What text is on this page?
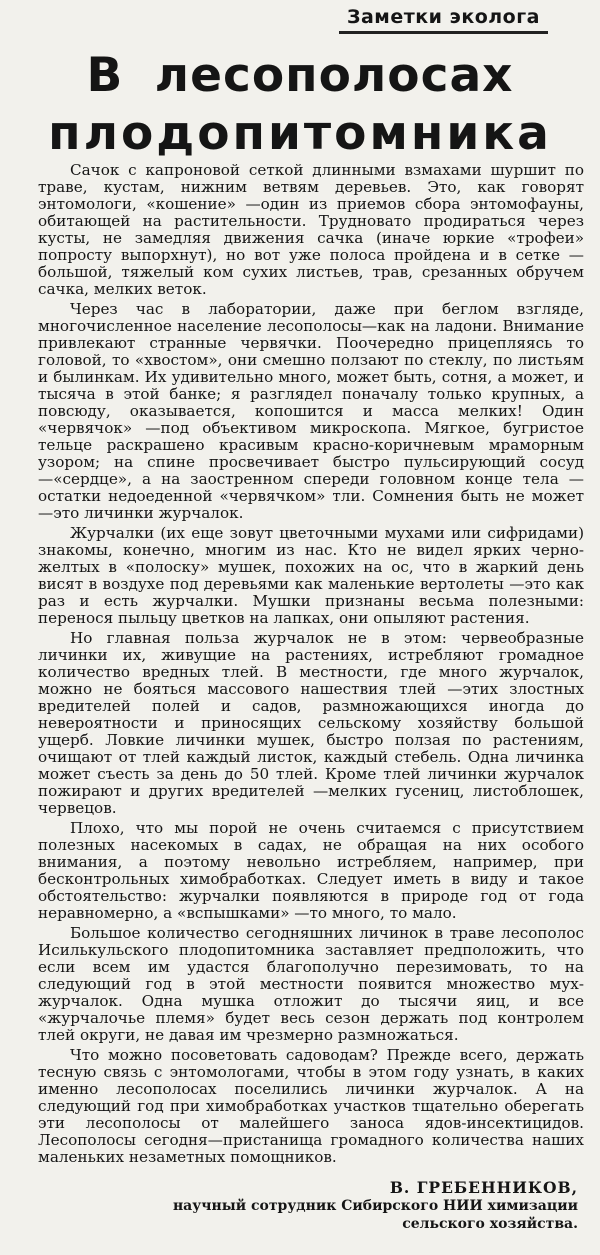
Заметки эколога
В лесополосах
плодопитомника

Сачок с капроновой сеткой длинными взмахами шуршит по траве, кустам, нижним ветвям деревьев. Это, как говорят энтомологи, «кошение» —один из приемов сбора энтомофауны, обитающей на растительности. Трудновато продираться через кусты, не замедляя движения сачка (иначе юркие «трофеи» попросту выпорхнут), но вот уже полоса пройдена и в сетке —большой, тяжелый ком сухих листьев, трав, срезанных обручем сачка, мелких веток.

Через час в лаборатории, даже при беглом взгляде, многочисленное население лесополосы—как на ладони. Внимание привлекают странные червячки. Поочередно прицепляясь то головой, то «хвостом», они смешно ползают по стеклу, по листьям и былинкам. Их удивительно много, может быть, сотня, а может, и тысяча в этой банке; я разглядел поначалу только крупных, а повсюду, оказывается, копошится и масса мелких! Один «червячок» —под объективом микроскопа. Мягкое, бугристое тельце раскрашено красивым красно-коричневым мраморным узором; на спине просвечивает быстро пульсирующий сосуд —«сердце», а на заостренном спереди головном конце тела —остатки недоеденной «червячком» тли. Сомнения быть не может —это личинки журчалок.

Журчалки (их еще зовут цветочными мухами или сифридами) знакомы, конечно, многим из нас. Кто не видел ярких черно-желтых в «полоску» мушек, похожих на ос, что в жаркий день висят в воздухе под деревьями как маленькие вертолеты —это как раз и есть журчалки. Мушки признаны весьма полезными: перенося пыльцу цветков на лапках, они опыляют растения.

Но главная польза журчалок не в этом: червеобразные личинки их, живущие на растениях, истребляют громадное количество вредных тлей. В местности, где много журчалок, можно не бояться массового нашествия тлей —этих злостных вредителей полей и садов, размножающихся иногда до невероятности и приносящих сельскому хозяйству большой ущерб. Ловкие личинки мушек, быстро ползая по растениям, очищают от тлей каждый листок, каждый стебель. Одна личинка может съесть за день до 50 тлей. Кроме тлей личинки журчалок пожирают и других вредителей —мелких гусениц, листоблошек, червецов.

Плохо, что мы порой не очень считаемся с присутствием полезных насекомых в садах, не обращая на них особого внимания, а поэтому невольно истребляем, например, при бесконтрольных химобработках. Следует иметь в виду и такое обстоятельство: журчалки появляются в природе год от года неравномерно, а «вспышками» —то много, то мало.

Большое количество сегодняшних личинок в траве лесополос Исилькульского плодопитомника заставляет предположить, что если всем им удастся благополучно перезимовать, то на следующий год в этой местности появится множество мух-журчалок. Одна мушка отложит до тысячи яиц, и все «журчалочье племя» будет весь сезон держать под контролем тлей округи, не давая им чрезмерно размножаться.

Что можно посоветовать садоводам? Прежде всего, держать тесную связь с энтомологами, чтобы в этом году узнать, в каких именно лесополосах поселились личинки журчалок. А на следующий год при химобработках участков тщательно оберегать эти лесополосы от малейшего заноса ядов-инсектицидов. Лесополосы сегодня—пристанища громадного количества наших маленьких незаметных помощников.

В. ГРЕБЕННИКОВ,
научный сотрудник Сибирского НИИ химизации
сельского хозяйства.
